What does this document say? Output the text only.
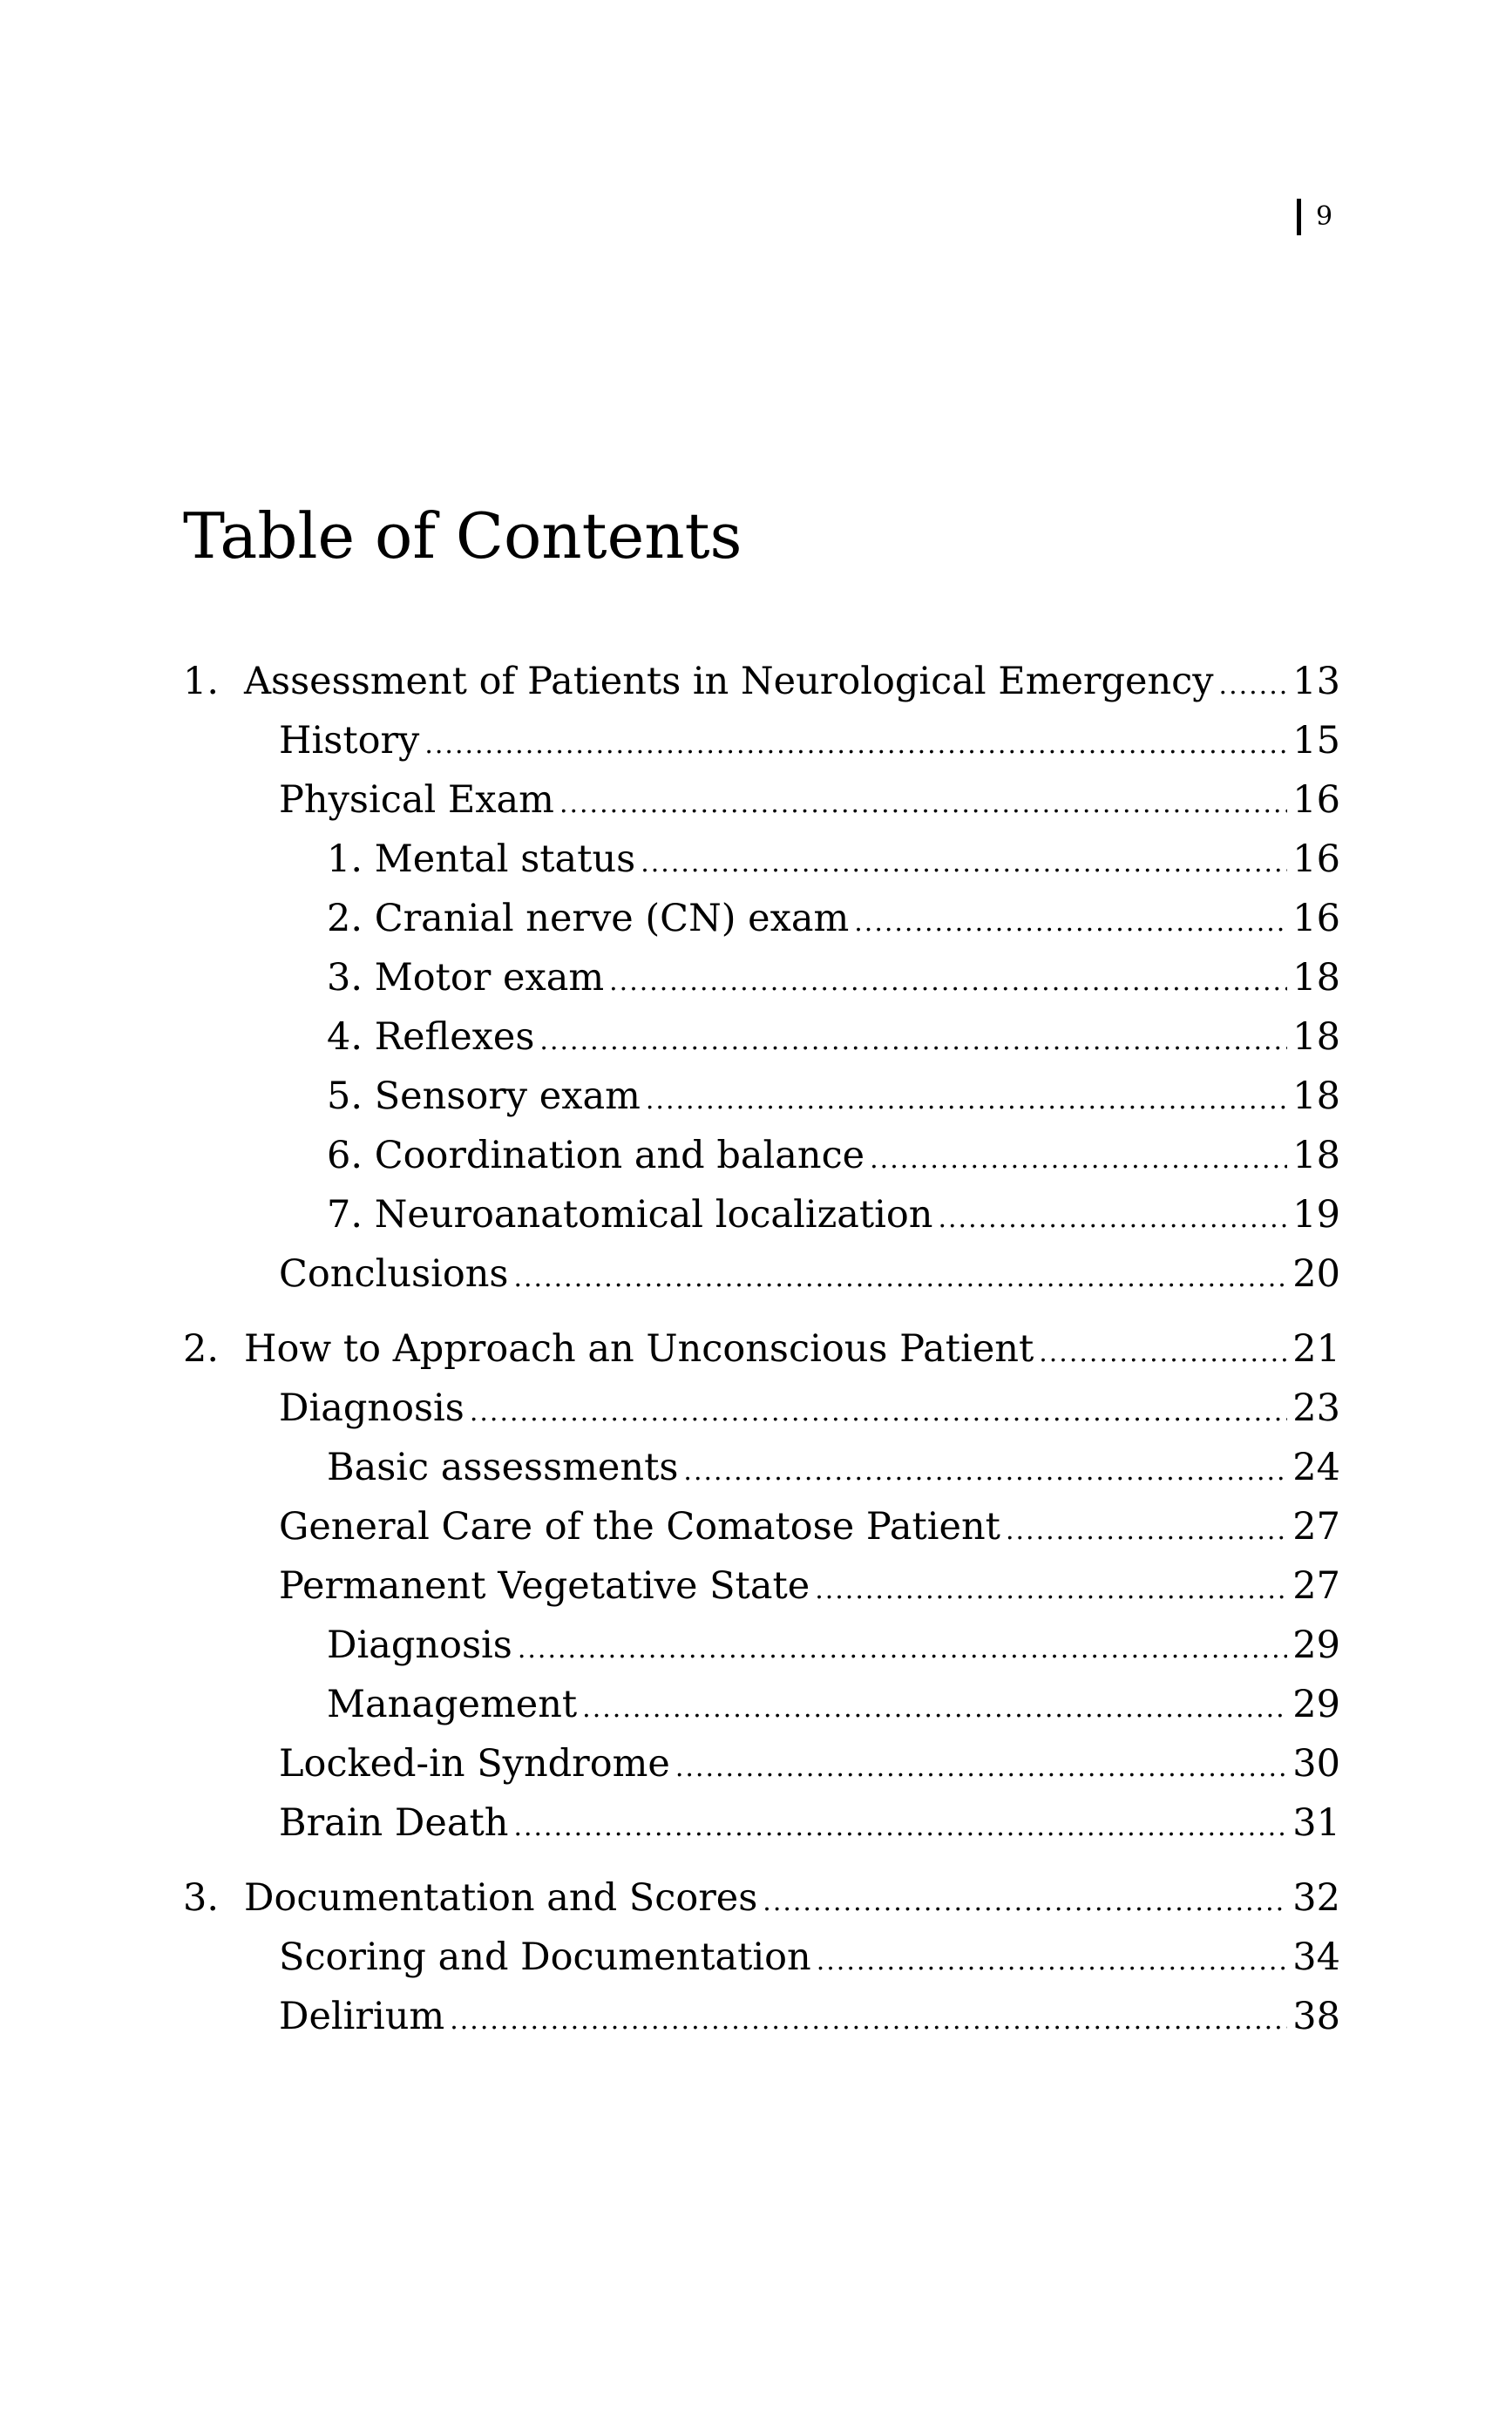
9
Table of Contents
1. Assessment of Patients in Neurological Emergency ..... 13
History .....	15
Physical Exam .....	16
1. Mental status .....	16
2. Cranial nerve (CN) exam .....	16
3. Motor exam .....	18
4. Reflexes .....	18
5. Sensory exam .....	18
6. Coordination and balance .....	18
7. Neuroanatomical localization .....	19
Conclusions .....	20
2. How to Approach an Unconscious Patient .....	21
Diagnosis .....	23
Basic assessments .....	24
General Care of the Comatose Patient .....	27
Permanent Vegetative State .....	27
Diagnosis .....	29
Management .....	29
Locked-in Syndrome .....	30
Brain Death .....	31
3. Documentation and Scores .....	32
Scoring and Documentation .....	34
Delirium .....	38
